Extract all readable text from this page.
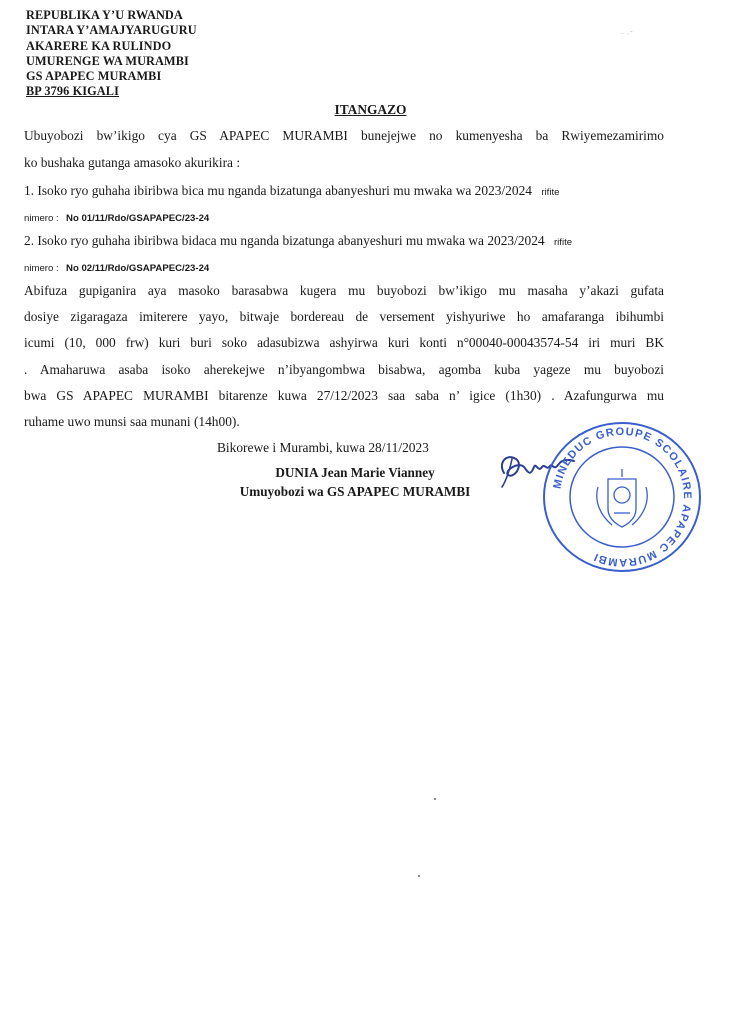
REPUBLIKA Y’U RWANDA
INTARA Y’AMAJYARUGURU
AKARERE KA RULINDO
UMURENGE WA MURAMBI
GS APAPEC MURAMBI
BP 3796 KIGALI
⁻ ·ˉ
ITANGAZO
Ubuyobozi bw’ikigo cya GS APAPEC MURAMBI bunejejwe no kumenyesha ba Rwiyemezamirimo
ko bushaka gutanga amasoko akurikira :
1. Isoko ryo guhaha ibiribwa bica mu nganda bizatunga abanyeshuri mu mwaka wa 2023/2024 rifite
nimero : No 01/11/Rdo/GSAPAPEC/23-24
2. Isoko ryo guhaha ibiribwa bidaca mu nganda bizatunga abanyeshuri mu mwaka wa 2023/2024 rifite
nimero : No 02/11/Rdo/GSAPAPEC/23-24
Abifuza gupiganira aya masoko barasabwa kugera mu buyobozi bw’ikigo mu masaha y’akazi gufata
dosiye zigaragaza imiterere yayo, bitwaje bordereau de versement yishyuriwe ho amafaranga ibihumbi
icumi (10, 000 frw) kuri buri soko adasubizwa ashyirwa kuri konti n°00040-00043574-54 iri muri BK
. Amaharuwa asaba isoko aherekejwe n’ibyangombwa bisabwa, agomba kuba yageze mu buyobozi
bwa GS APAPEC MURAMBI bitarenze kuwa 27/12/2023 saa saba n’ igice (1h30) . Azafungurwa mu
ruhame uwo munsi saa munani (14h00).
Bikorewe i Murambi, kuwa 28/11/2023
DUNIA Jean Marie Vianney
Umuyobozi wa GS APAPEC MURAMBI
MINEDUC GROUPE SCOLAIRE APAPEC MURAMBI
